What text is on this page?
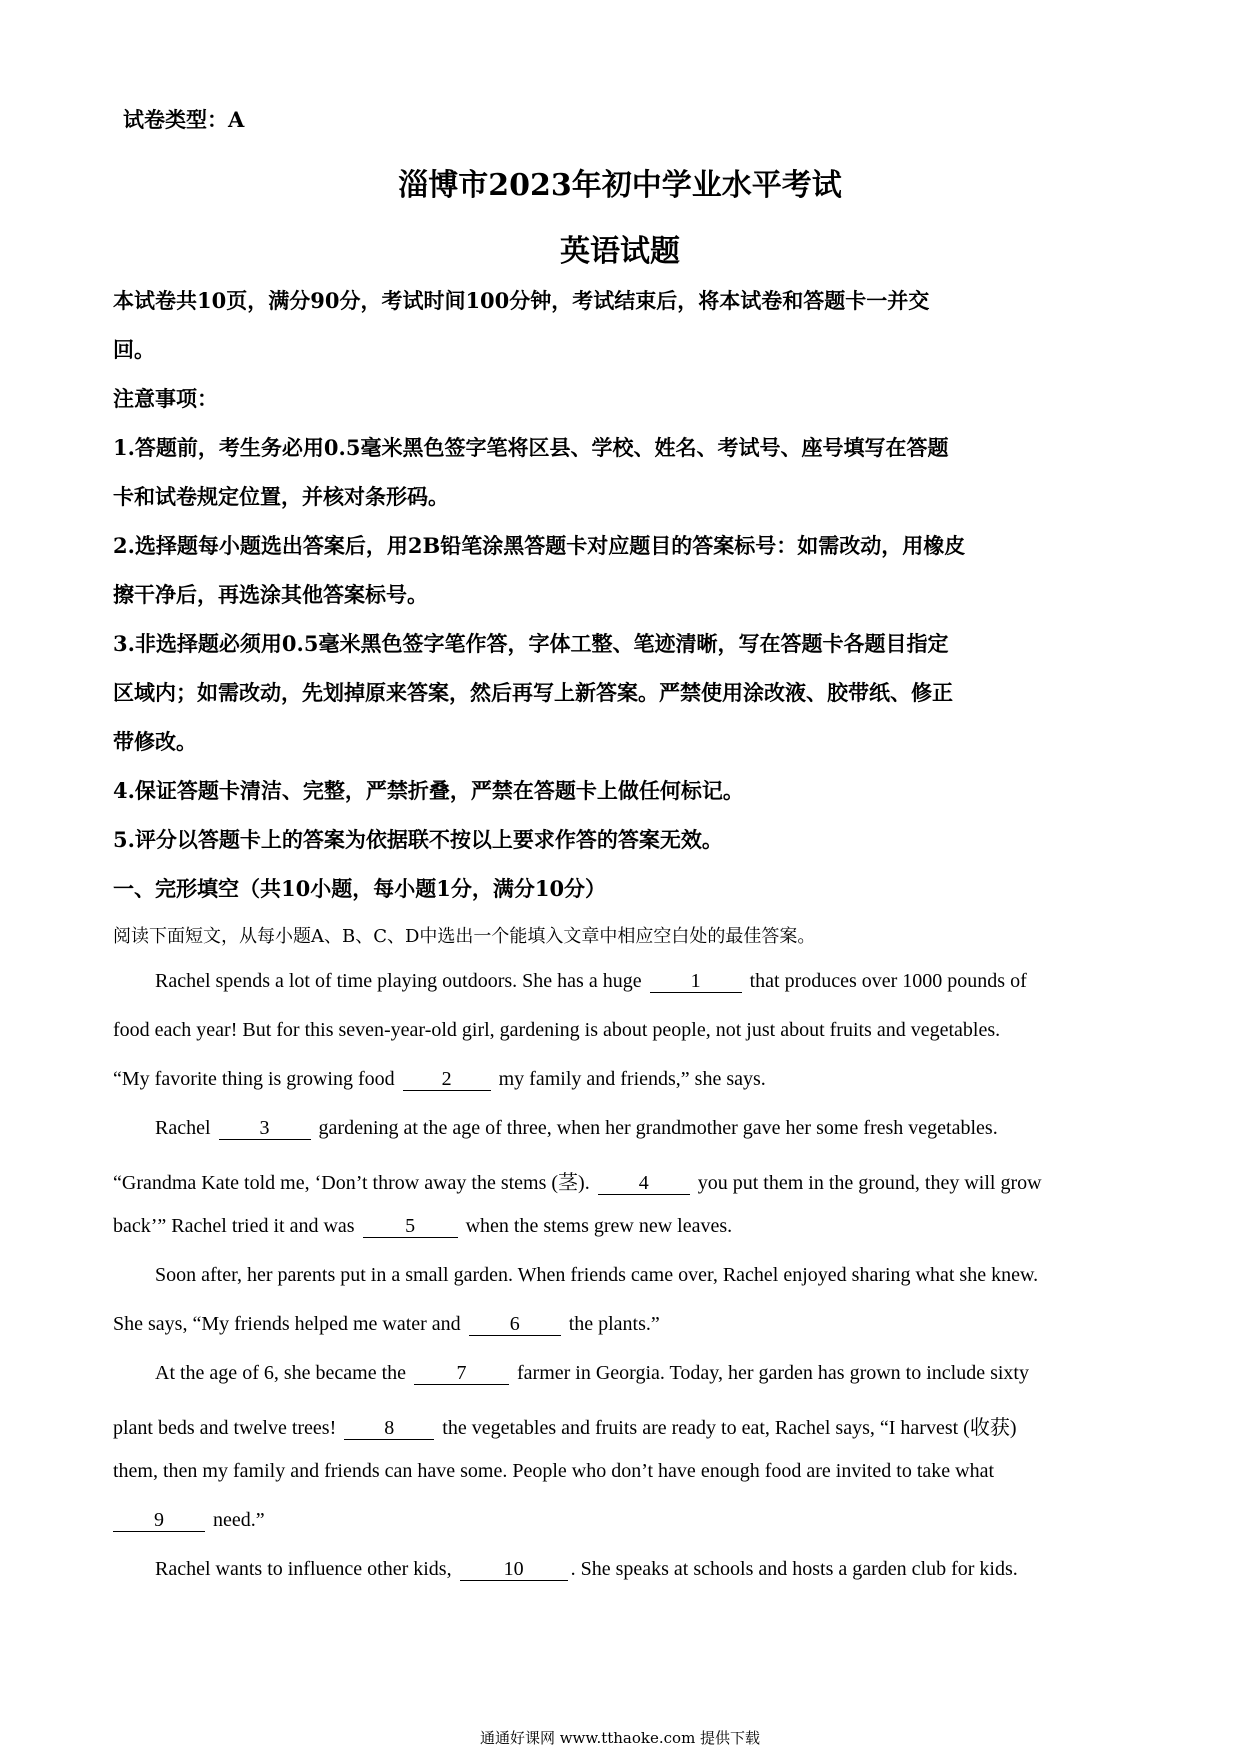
试卷类型：A
淄博市2023年初中学业水平考试
英语试题
本试卷共10页，满分90分，考试时间100分钟，考试结束后，将本试卷和答题卡一并交
回。
注意事项：
1.答题前，考生务必用0.5毫米黑色签字笔将区县、学校、姓名、考试号、座号填写在答题
卡和试卷规定位置，并核对条形码。
2.选择题每小题选出答案后，用2B铅笔涂黑答题卡对应题目的答案标号：如需改动，用橡皮
擦干净后，再选涂其他答案标号。
3.非选择题必须用0.5毫米黑色签字笔作答，字体工整、笔迹清晰，写在答题卡各题目指定
区域内；如需改动，先划掉原来答案，然后再写上新答案。严禁使用涂改液、胶带纸、修正
带修改。
4.保证答题卡清洁、完整，严禁折叠，严禁在答题卡上做任何标记。
5.评分以答题卡上的答案为依据联不按以上要求作答的答案无效。
一、完形填空（共10小题，每小题1分，满分10分）
阅读下面短文，从每小题A、B、C、D中选出一个能填入文章中相应空白处的最佳答案。
Rachel spends a lot of time playing outdoors. She has a huge 1 that produces over 1000 pounds of
food each year! But for this seven-year-old girl, gardening is about people, not just about fruits and vegetables.
“My favorite thing is growing food 2 my family and friends,” she says.
Rachel 3 gardening at the age of three, when her grandmother gave her some fresh vegetables.
“Grandma Kate told me, ‘Don’t throw away the stems (茎). 4 you put them in the ground, they will grow
back’” Rachel tried it and was 5 when the stems grew new leaves.
Soon after, her parents put in a small garden. When friends came over, Rachel enjoyed sharing what she knew.
She says, “My friends helped me water and 6 the plants.”
At the age of 6, she became the 7 farmer in Georgia. Today, her garden has grown to include sixty
plant beds and twelve trees! 8 the vegetables and fruits are ready to eat, Rachel says, “I harvest (收获)
them, then my family and friends can have some. People who don’t have enough food are invited to take what
9 need.”
Rachel wants to influence other kids, 10 . She speaks at schools and hosts a garden club for kids.
通通好课网 www.tthaoke.com 提供下载
